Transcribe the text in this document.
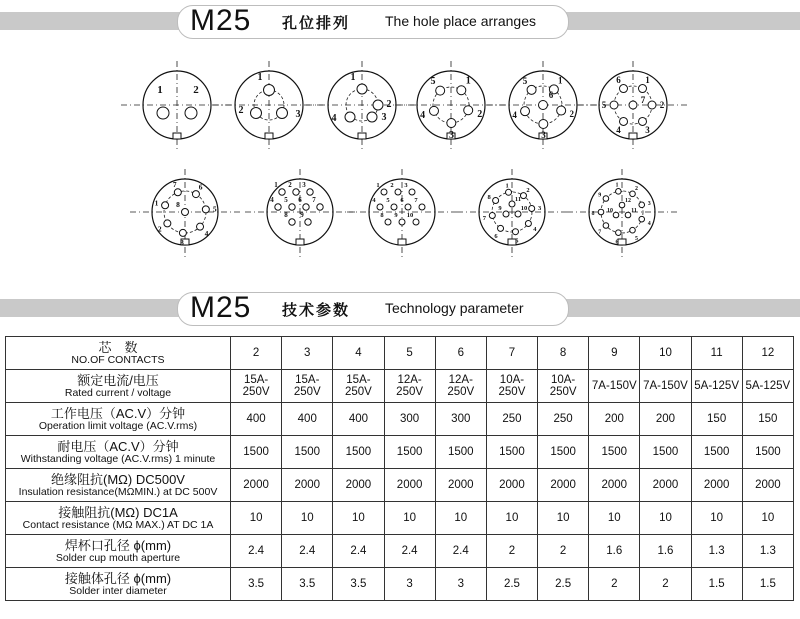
M25 孔位排列 The hole place arranges
1	2
1
2	3
1
2
3
4
1
2
3
4
5	1
2
3
4
5
6
1
2
3
4
5
6
7
7	6
5
4
3
2
1 8
1 2 3
4 5 6 7
8 9
1 2 3
4 5 6 7
8 9 10
1
2
3
4
5
6
7
8
9	10
11
1
2
3
4
5
6
7
8
9
10	11
12
M25 技术参数 Technology parameter
芯　数
NO.OF CONTACTS	2	3	4	5	6	7	8	9	10	11	12

额定电流/电压
Rated current / voltage	15A-250V	15A-250V	15A-250V	12A-250V	12A-250V	10A-250V	10A-250V	7A-150V	7A-150V	5A-125V	5A-125V

工作电压（AC.V）分钟
Operation limit voltage (AC.V.rms)	400	400	400	300	300	250	250	200	200	150	150

耐电压（AC.V）分钟
Withstanding voltage (AC.V.rms) 1 minute	1500	1500	1500	1500	1500	1500	1500	1500	1500	1500	1500

绝缘阻抗(MΩ) DC500V
Insulation resistance(MΩMIN.) at DC 500V	2000	2000	2000	2000	2000	2000	2000	2000	2000	2000	2000

接触阻抗(MΩ) DC1A
Contact resistance (MΩ MAX.) AT DC 1A	10	10	10	10	10	10	10	10	10	10	10

焊杯口孔径 ϕ(mm)
Solder cup mouth aperture	2.4	2.4	2.4	2.4	2.4	2	2	1.6	1.6	1.3	1.3

接触体孔径 ϕ(mm)
Solder inter diameter	3.5	3.5	3.5	3	3	2.5	2.5	2	2	1.5	1.5
